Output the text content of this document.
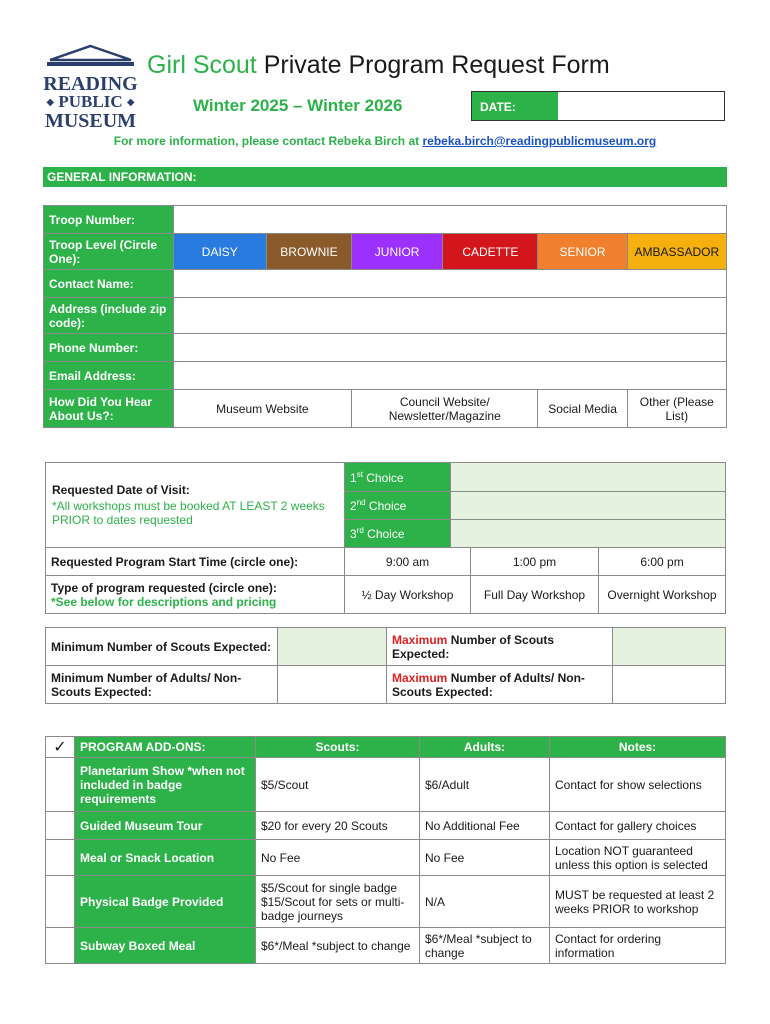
READING
◆ PUBLIC ◆
MUSEUM
Girl Scout Private Program Request Form
Winter 2025 – Winter 2026	DATE:
For more information, please contact Rebeka Birch at rebeka.birch@readingpublicmuseum.org
GENERAL INFORMATION:
Troop Number:						
Troop Level (Circle One):	DAISY	BROWNIE	JUNIOR	CADETTE	SENIOR	AMBASSADOR
Contact Name:						
Address (include zip code):						
Phone Number:						
Email Address:						
How Did You Hear About Us?:	Museum Website		Council Website/ Newsletter/Magazine		Social Media	Other (Please List)
Requested Date of Visit:
*All workshops must be booked AT LEAST 2 weeks PRIOR to dates requested	1st Choice			
	2nd Choice			
	3rd Choice			
Requested Program Start Time (circle one):	9:00 am		1:00 pm	6:00 pm

Type of program requested (circle one):
*See below for descriptions and pricing	½ Day Workshop		Full Day Workshop	Overnight Workshop
Minimum Number of Scouts Expected:		Maximum Number of Scouts Expected:	
Minimum Number of Adults/ Non-Scouts Expected:		Maximum Number of Adults/ Non-Scouts Expected:	
✓	PROGRAM ADD-ONS:	Scouts:	Adults:	Notes:
	Planetarium Show *when not included in badge requirements	$5/Scout	$6/Adult	Contact for show selections
	Guided Museum Tour	$20 for every 20 Scouts	No Additional Fee	Contact for gallery choices
	Meal or Snack Location	No Fee	No Fee	Location NOT guaranteed unless this option is selected
	Physical Badge Provided	$5/Scout for single badge $15/Scout for sets or multi-badge journeys	N/A	MUST be requested at least 2 weeks PRIOR to workshop
	Subway Boxed Meal	$6*/Meal *subject to change	$6*/Meal *subject to change	Contact for ordering information
